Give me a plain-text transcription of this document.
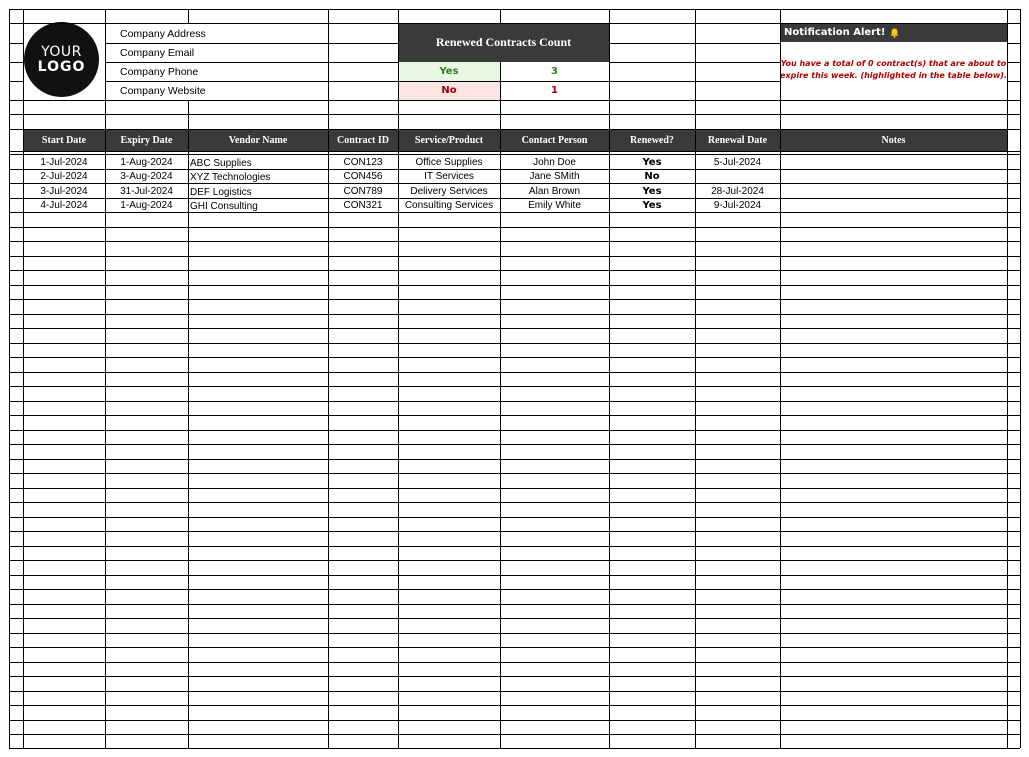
YOUR
LOGO
Company Address
Company Email
Company Phone
Company Website
Renewed Contracts Count
Yes	3
No	1
Notification Alert!
You have a total of 0 contract(s) that are about to
expire this week. (highlighted in the table below).
Start Date	Expiry Date	Vendor Name	Contract ID	Service/Product	Contact Person	Renewed?	Renewal Date	Notes
1-Jul-2024	1-Aug-2024	ABC Supplies	CON123	Office Supplies	John Doe	Yes	5-Jul-2024
2-Jul-2024	3-Aug-2024	XYZ Technologies	CON456	IT Services	Jane SMith	No
3-Jul-2024	31-Jul-2024	DEF Logistics	CON789	Delivery Services	Alan Brown	Yes	28-Jul-2024
4-Jul-2024	1-Aug-2024	GHI Consulting	CON321	Consulting Services	Emily White	Yes	9-Jul-2024
